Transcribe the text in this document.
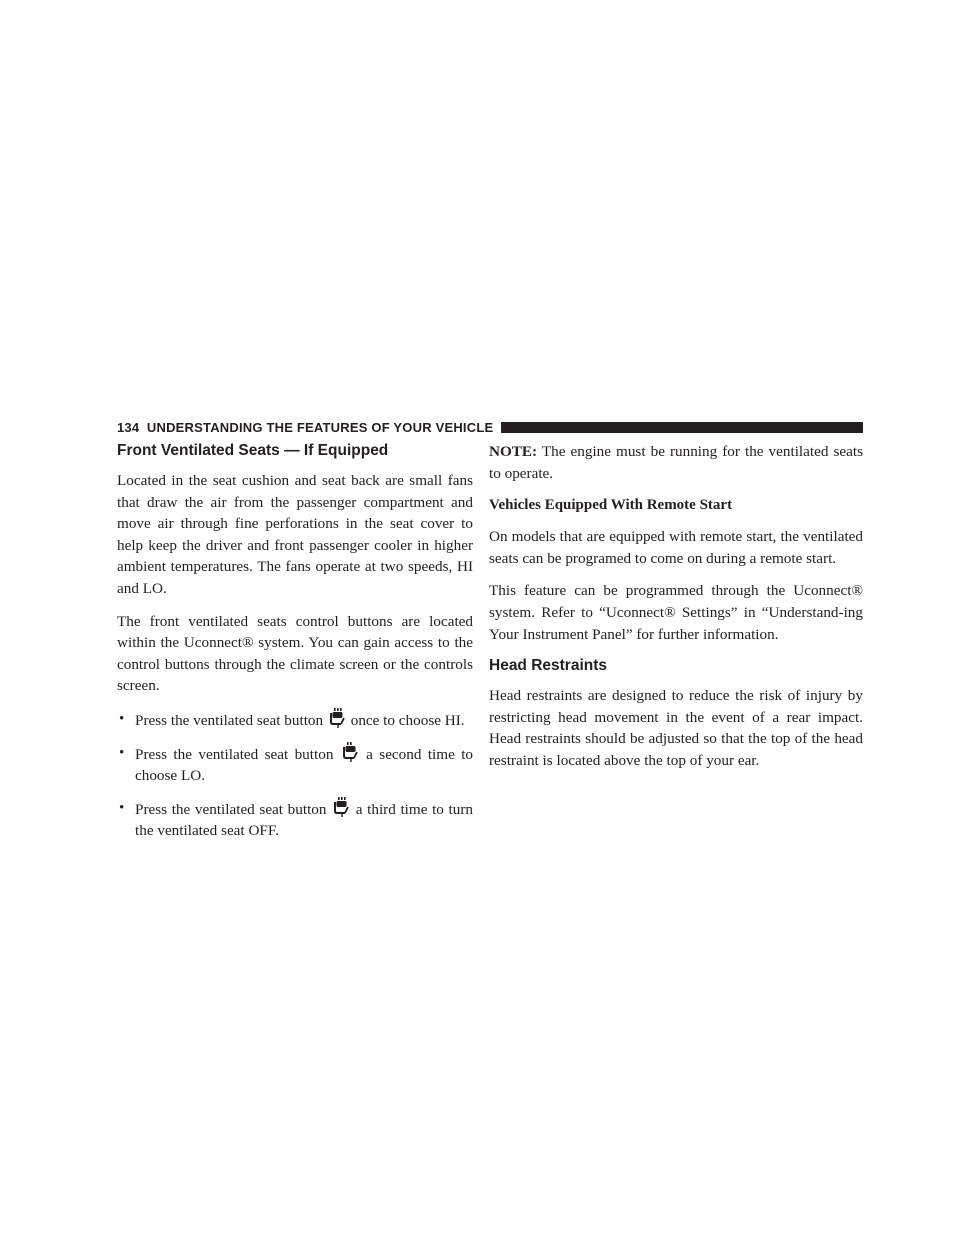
134 UNDERSTANDING THE FEATURES OF YOUR VEHICLE
Front Ventilated Seats — If Equipped

Located in the seat cushion and seat back are small fans that draw the air from the passenger compartment and move air through fine perforations in the seat cover to help keep the driver and front passenger cooler in higher ambient temperatures. The fans operate at two speeds, HI and LO.

The front ventilated seats control buttons are located within the Uconnect® system. You can gain access to the control buttons through the climate screen or the controls screen.

• Press the ventilated seat button once to choose HI.
• Press the ventilated seat button a second time to choose LO.
• Press the ventilated seat button a third time to turn the ventilated seat OFF.

NOTE: The engine must be running for the ventilated seats to operate.

Vehicles Equipped With Remote Start

On models that are equipped with remote start, the ventilated seats can be programed to come on during a remote start.

This feature can be programmed through the Uconnect® system. Refer to “Uconnect® Settings” in “Understand-ing Your Instrument Panel” for further information.

Head Restraints

Head restraints are designed to reduce the risk of injury by restricting head movement in the event of a rear impact. Head restraints should be adjusted so that the top of the head restraint is located above the top of your ear.
